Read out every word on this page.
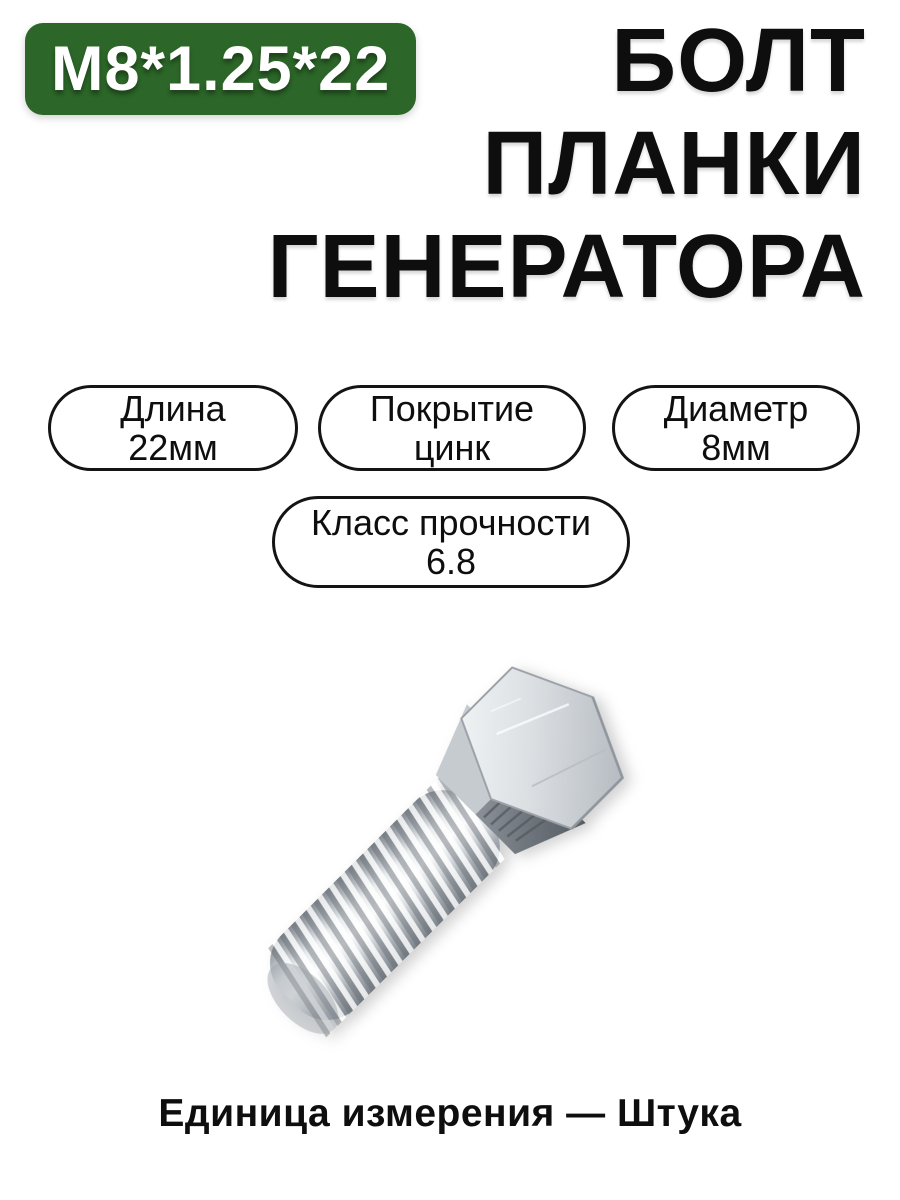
M8*1.25*22	БОЛТ
ПЛАНКИ
ГЕНЕРАТОРА
Длина
22мм
Покрытие
цинк
Диаметр
8мм
Класс прочности
6.8
Единица измерения — Штука
